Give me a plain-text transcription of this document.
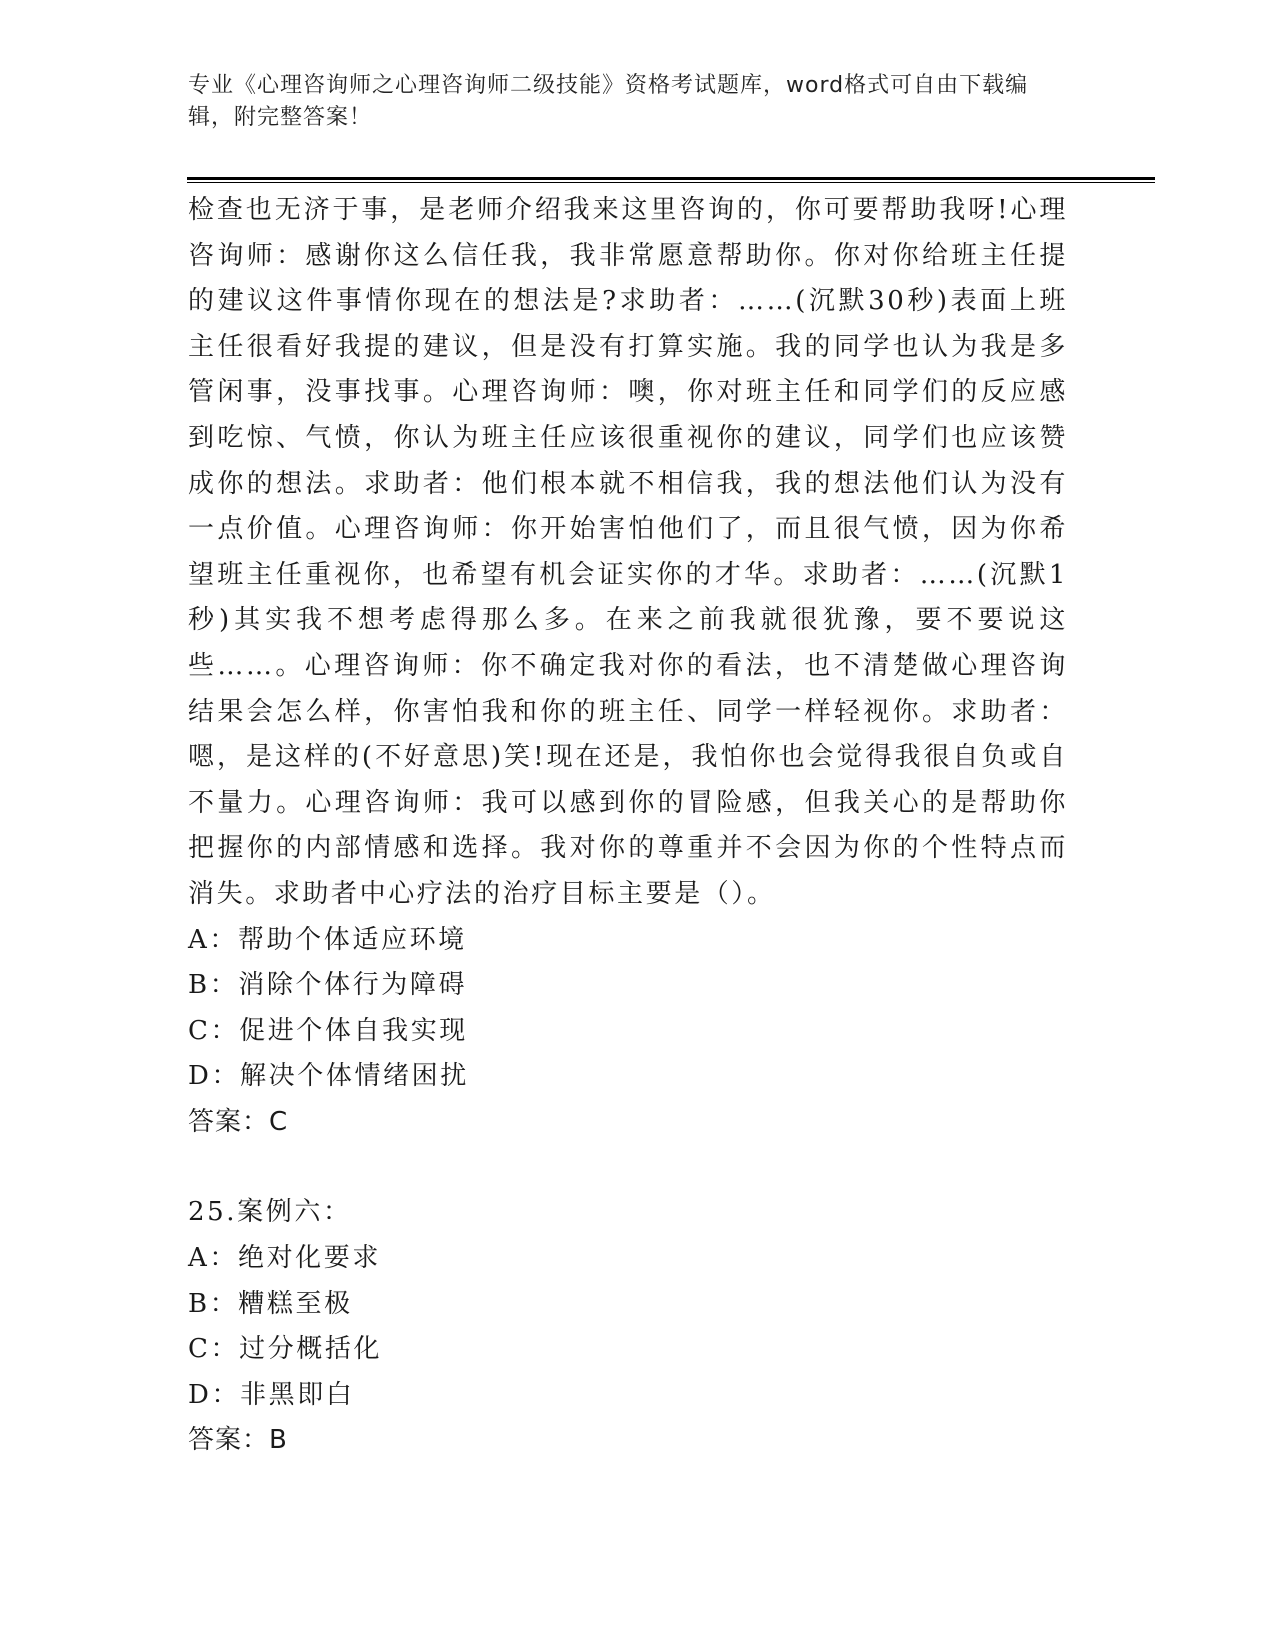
专业《心理咨询师之心理咨询师二级技能》资格考试题库，word格式可自由下载编辑，附完整答案！

检查也无济于事，是老师介绍我来这里咨询的，你可要帮助我呀!心理咨询师：感谢你这么信任我，我非常愿意帮助你。你对你给班主任提的建议这件事情你现在的想法是?求助者：……(沉默30秒)表面上班主任很看好我提的建议，但是没有打算实施。我的同学也认为我是多管闲事，没事找事。心理咨询师：噢，你对班主任和同学们的反应感到吃惊、气愤，你认为班主任应该很重视你的建议，同学们也应该赞成你的想法。求助者：他们根本就不相信我，我的想法他们认为没有一点价值。心理咨询师：你开始害怕他们了，而且很气愤，因为你希望班主任重视你，也希望有机会证实你的才华。求助者：……(沉默1秒)其实我不想考虑得那么多。在来之前我就很犹豫，要不要说这些……。心理咨询师：你不确定我对你的看法，也不清楚做心理咨询结果会怎么样，你害怕我和你的班主任、同学一样轻视你。求助者：嗯，是这样的(不好意思)笑!现在还是，我怕你也会觉得我很自负或自不量力。心理咨询师：我可以感到你的冒险感，但我关心的是帮助你把握你的内部情感和选择。我对你的尊重并不会因为你的个性特点而消失。求助者中心疗法的治疗目标主要是（）。

A：帮助个体适应环境

B：消除个体行为障碍

C：促进个体自我实现

D：解决个体情绪困扰

答案：C

25.案例六：

A：绝对化要求

B：糟糕至极

C：过分概括化

D：非黑即白

答案：B
